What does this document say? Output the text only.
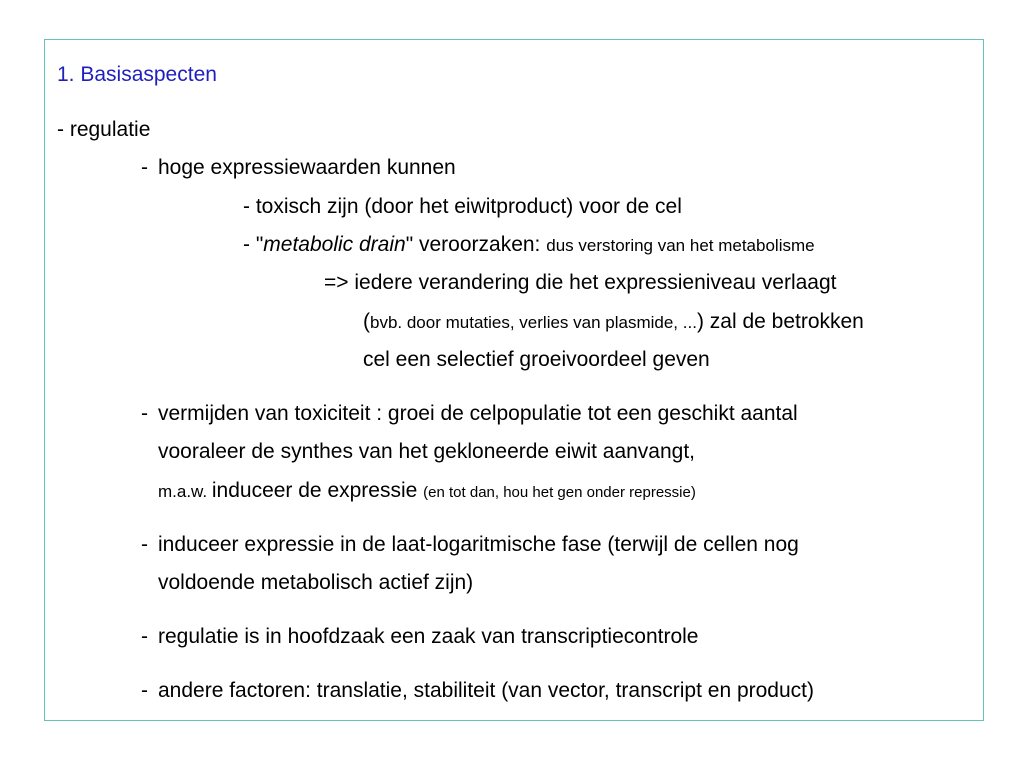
1. Basisaspecten
- regulatie
- hoge expressiewaarden kunnen
- toxisch zijn (door het eiwitproduct) voor de cel
- "metabolic drain" veroorzaken: dus verstoring van het metabolisme
=> iedere verandering die het expressieniveau verlaagt
(bvb. door mutaties, verlies van plasmide, ...) zal de betrokken
cel een selectief groeivoordeel geven
- vermijden van toxiciteit : groei de celpopulatie tot een geschikt aantal
vooraleer de synthes van het gekloneerde eiwit aanvangt,
m.a.w. induceer de expressie (en tot dan, hou het gen onder repressie)
- induceer expressie in de laat-logaritmische fase (terwijl de cellen nog
voldoende metabolisch actief zijn)
- regulatie is in hoofdzaak een zaak van transcriptiecontrole
- andere factoren: translatie, stabiliteit (van vector, transcript en product)
